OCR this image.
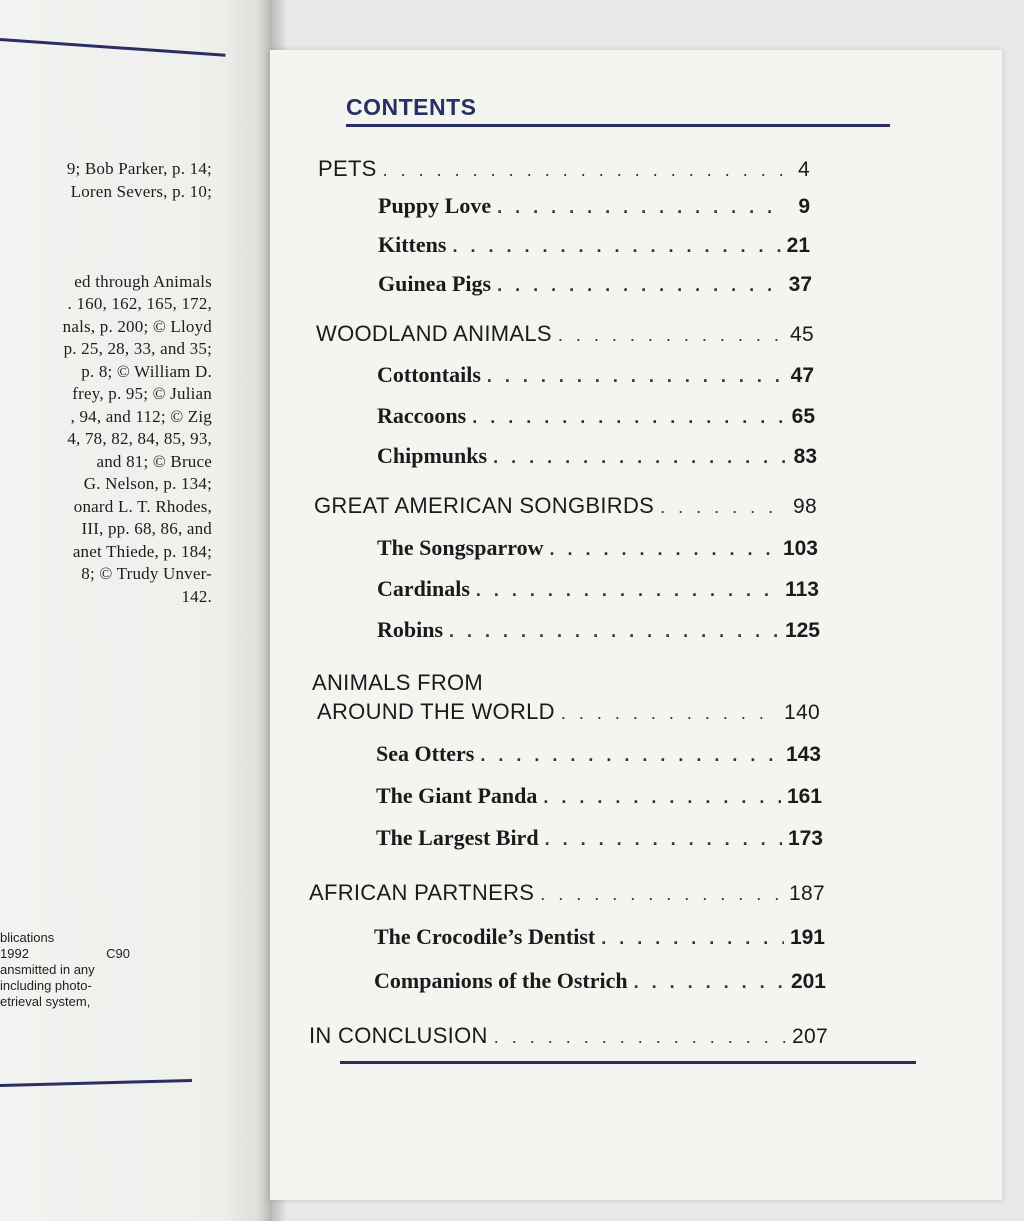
9; Bob Parker, p. 14;
Loren Severs, p. 10;
ed through Animals
. 160, 162, 165, 172,
nals, p. 200; © Lloyd
p. 25, 28, 33, and 35;
p. 8; © William D.
frey, p. 95; © Julian
, 94, and 112; © Zig
4, 78, 82, 84, 85, 93,
and 81; © Bruce
G. Nelson, p. 134;
onard L. T. Rhodes,
III, pp. 68, 86, and
anet Thiede, p. 184;
8; © Trudy Unver-
142.
blications
1992	C90
ansmitted in any
including photo-
etrieval system,
CONTENTS
PETS . . .	4
Puppy Love . . .	9
Kittens . . .	21
Guinea Pigs . . .	37
WOODLAND ANIMALS . . .	45
Cottontails . . .	47
Raccoons . . .	65
Chipmunks . . .	83
GREAT AMERICAN SONGBIRDS . . .	98
The Songsparrow . . .	103
Cardinals . . .	113
Robins . . .	125
ANIMALS FROM
AROUND THE WORLD . . .	140
Sea Otters . . .	143
The Giant Panda . . .	161
The Largest Bird . . .	173
AFRICAN PARTNERS . . .	187
The Crocodile’s Dentist . . .	191
Companions of the Ostrich . . .	201
IN CONCLUSION . . .	207
